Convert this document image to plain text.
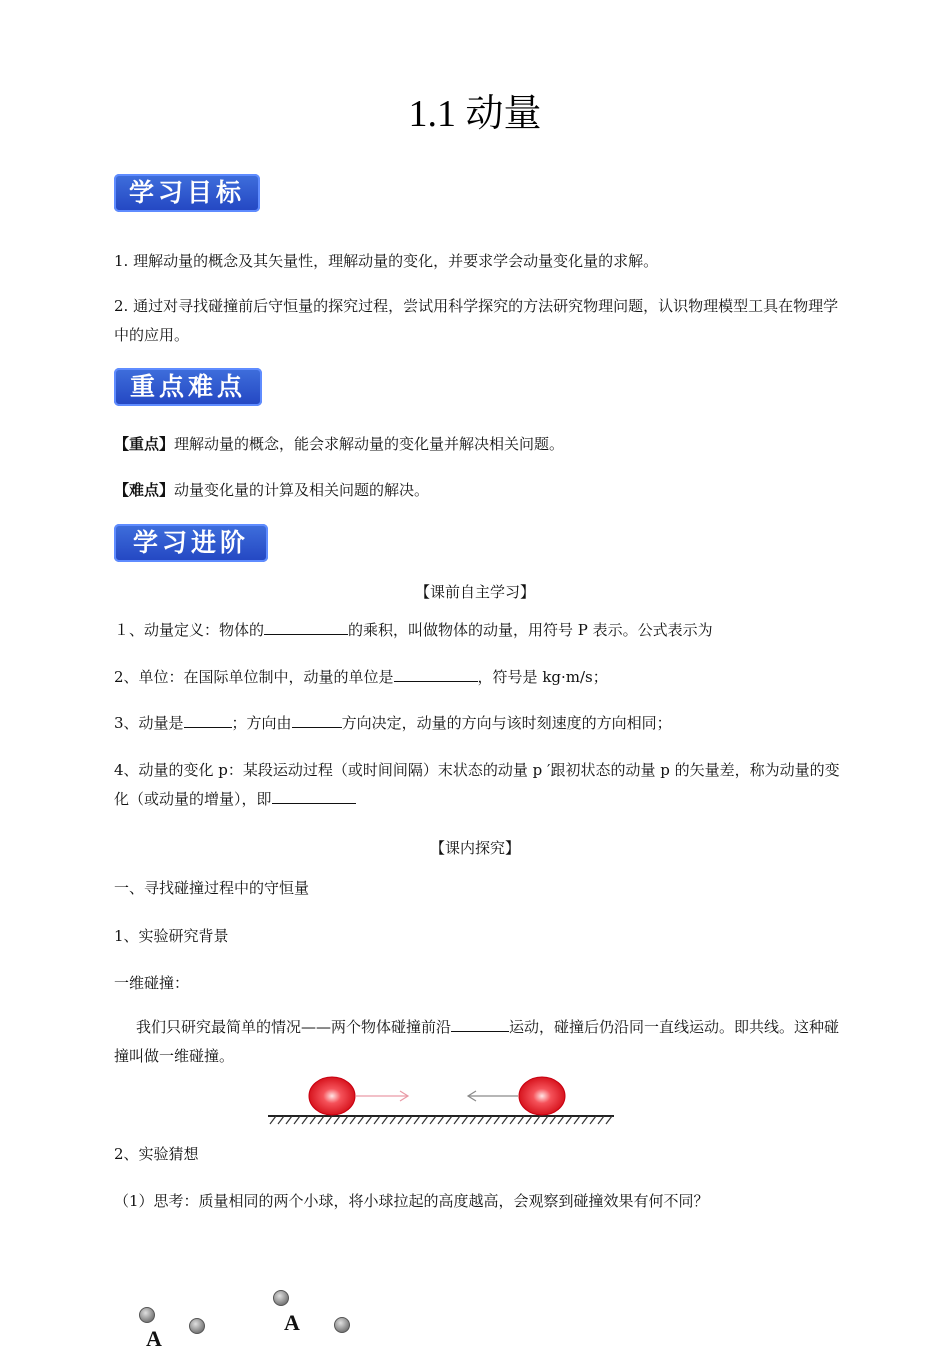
1.1 动量
学习目标
1. 理解动量的概念及其矢量性，理解动量的变化，并要求学会动量变化量的求解。
2. 通过对寻找碰撞前后守恒量的探究过程，尝试用科学探究的方法研究物理问题，认识物理模型工具在物理学中的应用。
重点难点
【重点】理解动量的概念，能会求解动量的变化量并解决相关问题。
【难点】动量变化量的计算及相关问题的解决。
学习进阶
【课前自主学习】
１、动量定义：物体的	的乘积，叫做物体的动量，用符号 P 表示。公式表示为
2、单位：在国际单位制中，动量的单位是	，符号是 kg·m/s；
3、动量是	；方向由	方向决定，动量的方向与该时刻速度的方向相同；
4、动量的变化 p：某段运动过程（或时间间隔）末状态的动量 p ′跟初状态的动量 p 的矢量差，称为动量的变化（或动量的增量），即
【课内探究】
一、寻找碰撞过程中的守恒量
1、实验研究背景
一维碰撞：
我们只研究最简单的情况——两个物体碰撞前沿	运动，碰撞后仍沿同一直线运动。即共线。这种碰撞叫做一维碰撞。
2、实验猜想
（1）思考：质量相同的两个小球，将小球拉起的高度越高，会观察到碰撞效果有何不同？
A
A
